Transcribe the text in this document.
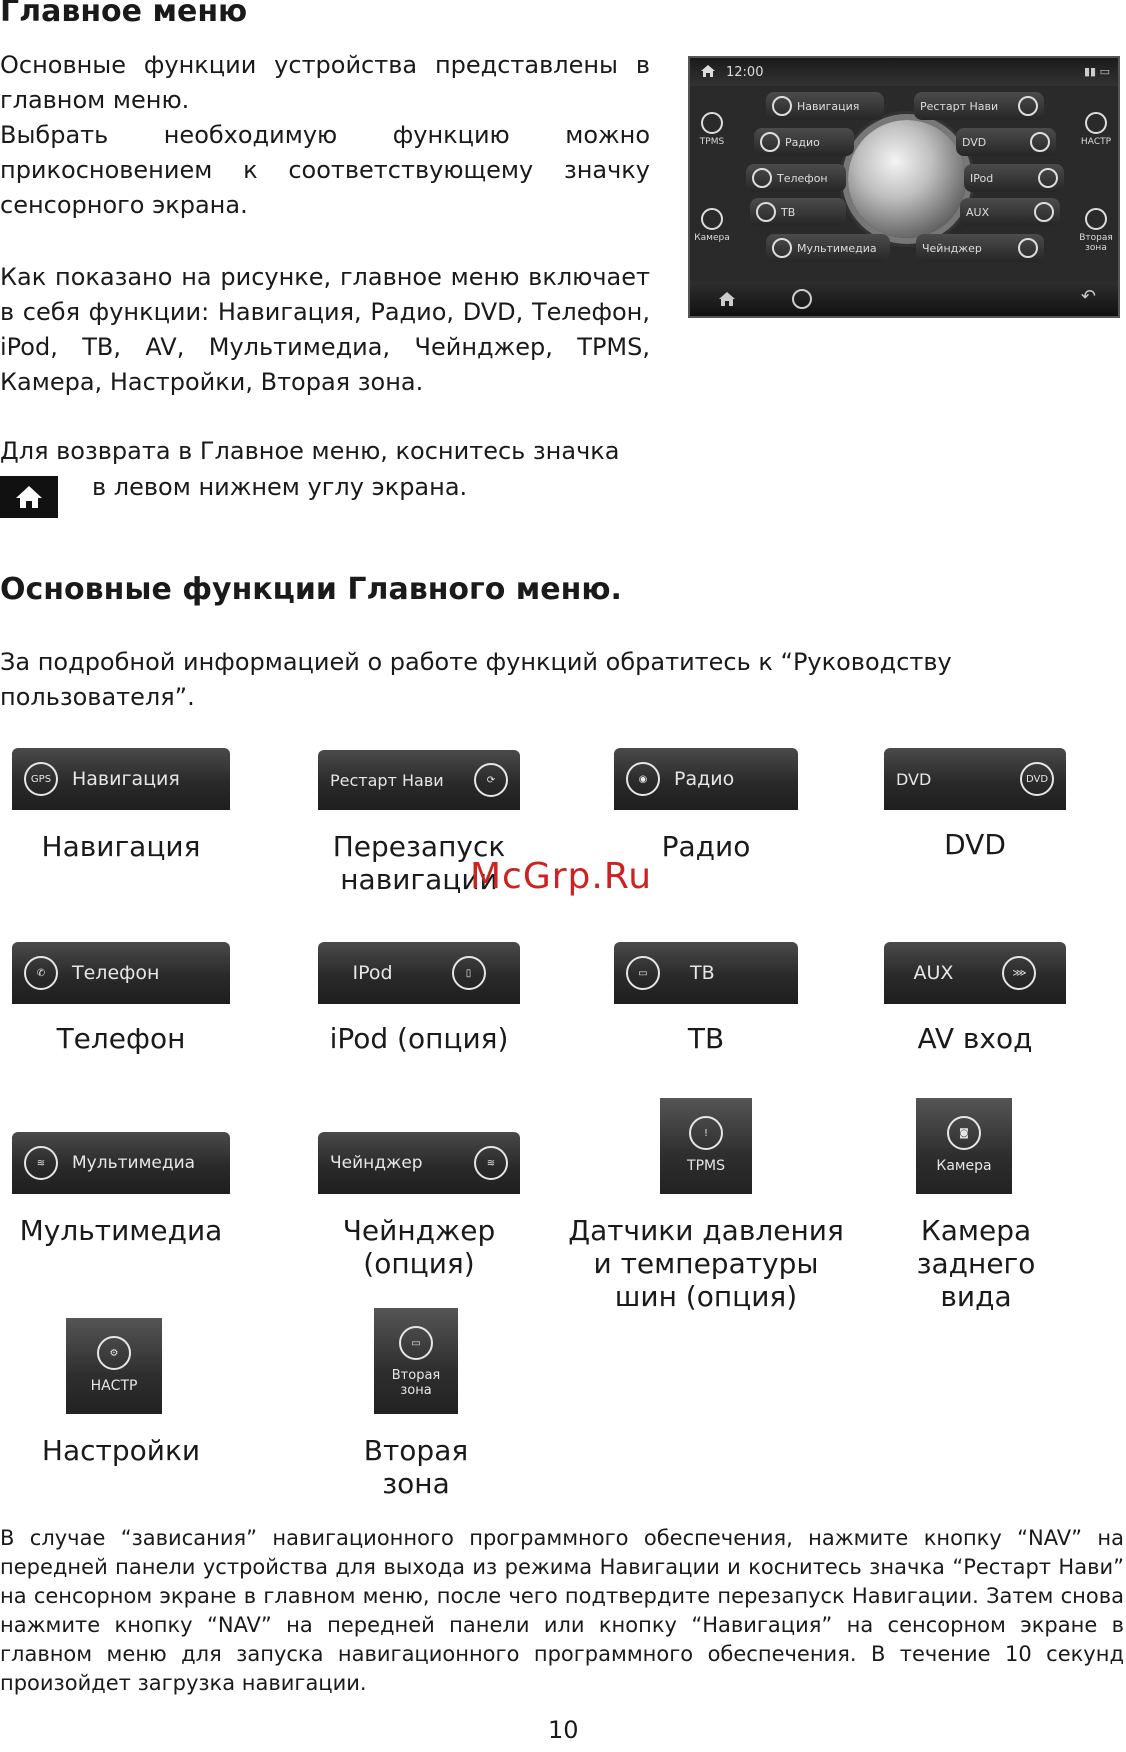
Главное меню
Основные функции устройства представлены в главном меню.
Выбрать необходимую функцию можно прикосновением к соответствующему значку сенсорного экрана.
Как показано на рисунке, главное меню включает в себя функции: Навигация, Радио, DVD, Телефон, iPod, ТВ, AV, Мультимедиа, Чейнджер, TPMS, Камера, Настройки, Вторая зона.
Для возврата в Главное меню, коснитесь значка
в левом нижнем углу экрана.
12:00	▮▮ ▭
Навигация	Рестарт Нави
Радио	DVD
Телефон	IPod
ТВ	AUX
Мультимедиа	Чейнджер
TPMS
Камера
НАСТР
Вторая зона
↶
Основные функции Главного меню.
За подробной информацией о работе функций обратитесь к “Руководству пользователя”.
GPS	Навигация
Навигация
Рестарт Нави	⟳
Перезапуск навигации
◉	Радио
Радио
DVD	DVD
DVD
McGrp.Ru
✆	Телефон
Телефон
IPod	▯
iPod (опция)
▭	ТВ
ТВ
AUX	⋙
AV вход
≋	Мультимедиа
Мультимедиа
Чейнджер	≋
Чейнджер (опция)
!
TPMS
Датчики давления и температуры шин (опция)
◙
Камера
Камера заднего вида
⚙
НАСТР
Настройки
▭
Вторая зона
Вторая зона
В случае “зависания” навигационного программного обеспечения, нажмите кнопку “NAV” на передней панели устройства для выхода из режима Навигации и коснитесь значка “Рестарт Нави” на сенсорном экране в главном меню, после чего подтвердите перезапуск Навигации. Затем снова нажмите кнопку “NAV” на передней панели или кнопку “Навигация” на сенсорном экране в главном меню для запуска навигационного программного обеспечения. В течение 10 секунд произойдет загрузка навигации.
10
